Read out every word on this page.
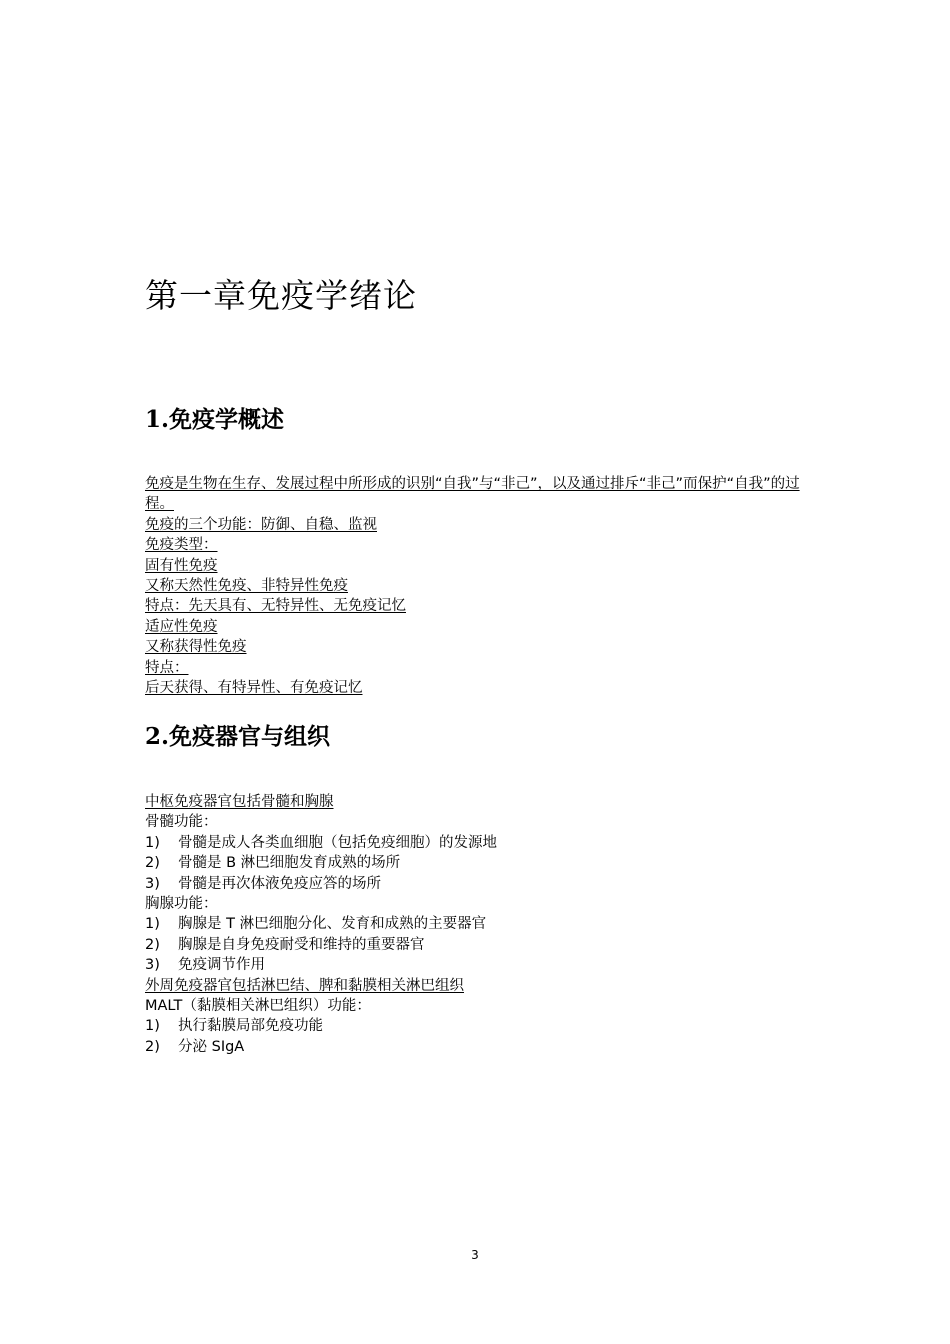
第一章免疫学绪论
1.免疫学概述
免疫是生物在生存、发展过程中所形成的识别“自我”与“非己”，以及通过排斥“非己”而保护“自我”的过程。
免疫的三个功能：防御、自稳、监视
免疫类型：
固有性免疫
又称天然性免疫、非特异性免疫
特点：先天具有、无特异性、无免疫记忆
适应性免疫
又称获得性免疫
特点：
后天获得、有特异性、有免疫记忆
2.免疫器官与组织
中枢免疫器官包括骨髓和胸腺
骨髓功能：
1) 骨髓是成人各类血细胞（包括免疫细胞）的发源地
2) 骨髓是 B 淋巴细胞发育成熟的场所
3) 骨髓是再次体液免疫应答的场所
胸腺功能：
1) 胸腺是 T 淋巴细胞分化、发育和成熟的主要器官
2) 胸腺是自身免疫耐受和维持的重要器官
3) 免疫调节作用
外周免疫器官包括淋巴结、脾和黏膜相关淋巴组织
MALT（黏膜相关淋巴组织）功能：
1) 执行黏膜局部免疫功能
2) 分泌 SIgA
3
